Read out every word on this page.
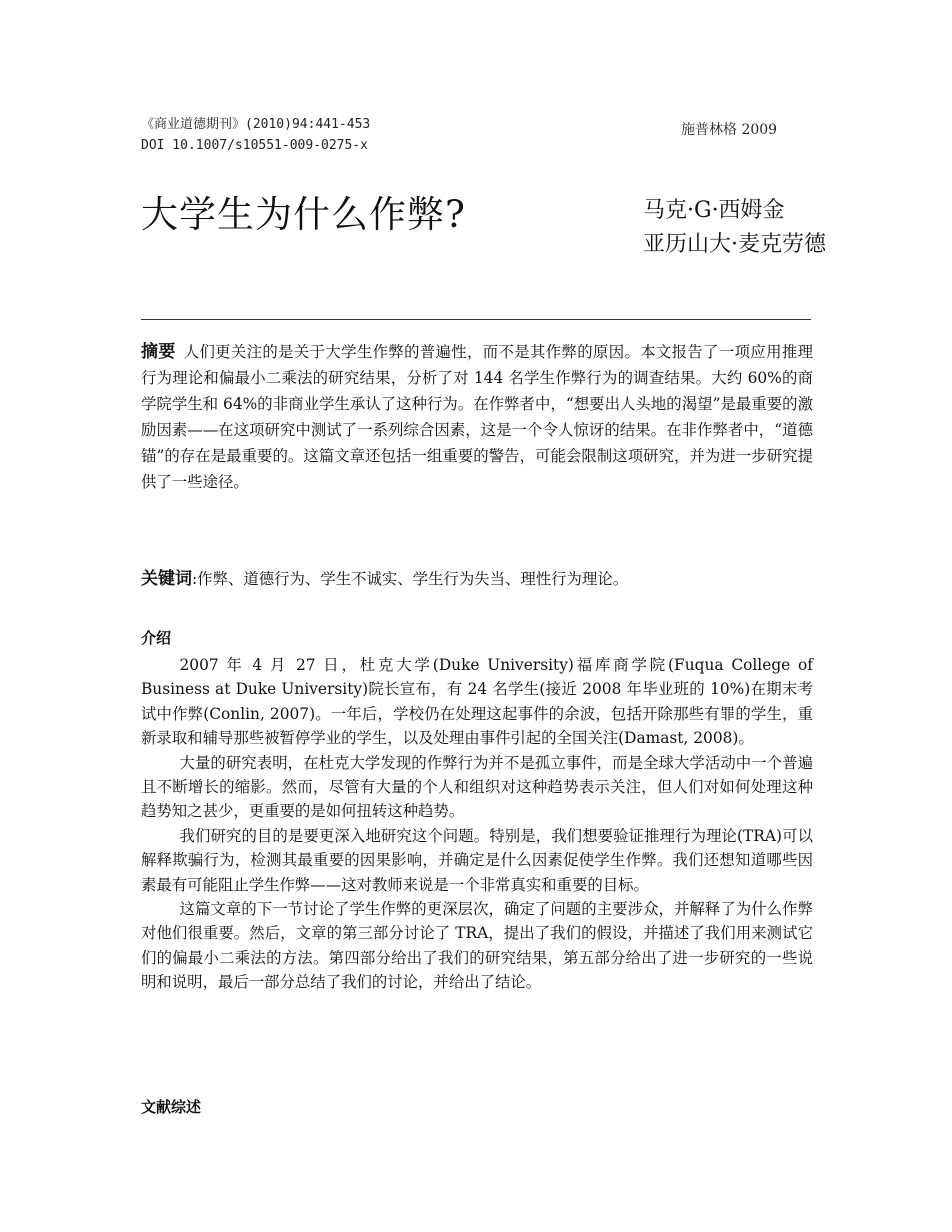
《商业道德期刊》(2010)94:441-453
DOI 10.1007/s10551-009-0275-x
施普林格 2009
大学生为什么作弊?	马克·G·西姆金
亚历山大·麦克劳德

摘要 人们更关注的是关于大学生作弊的普遍性，而不是其作弊的原因。本文报告了一项应用推理行为理论和偏最小二乘法的研究结果，分析了对 144 名学生作弊行为的调查结果。大约 60%的商学院学生和 64%的非商业学生承认了这种行为。在作弊者中，“想要出人头地的渴望”是最重要的激励因素——在这项研究中测试了一系列综合因素，这是一个令人惊讶的结果。在非作弊者中，“道德锚”的存在是最重要的。这篇文章还包括一组重要的警告，可能会限制这项研究，并为进一步研究提供了一些途径。

关键词:作弊、道德行为、学生不诚实、学生行为失当、理性行为理论。
介绍

2007 年 4 月 27 日，杜克大学(Duke University)福库商学院(Fuqua College of Business at Duke University)院长宣布，有 24 名学生(接近 2008 年毕业班的 10%)在期末考试中作弊(Conlin, 2007)。一年后，学校仍在处理这起事件的余波，包括开除那些有罪的学生，重新录取和辅导那些被暂停学业的学生，以及处理由事件引起的全国关注(Damast, 2008)。

大量的研究表明，在杜克大学发现的作弊行为并不是孤立事件，而是全球大学活动中一个普遍且不断增长的缩影。然而，尽管有大量的个人和组织对这种趋势表示关注，但人们对如何处理这种趋势知之甚少，更重要的是如何扭转这种趋势。

我们研究的目的是要更深入地研究这个问题。特别是，我们想要验证推理行为理论(TRA)可以解释欺骗行为，检测其最重要的因果影响，并确定是什么因素促使学生作弊。我们还想知道哪些因素最有可能阻止学生作弊——这对教师来说是一个非常真实和重要的目标。

这篇文章的下一节讨论了学生作弊的更深层次，确定了问题的主要涉众，并解释了为什么作弊对他们很重要。然后，文章的第三部分讨论了 TRA，提出了我们的假设，并描述了我们用来测试它们的偏最小二乘法的方法。第四部分给出了我们的研究结果，第五部分给出了进一步研究的一些说明和说明，最后一部分总结了我们的讨论，并给出了结论。

文献综述
